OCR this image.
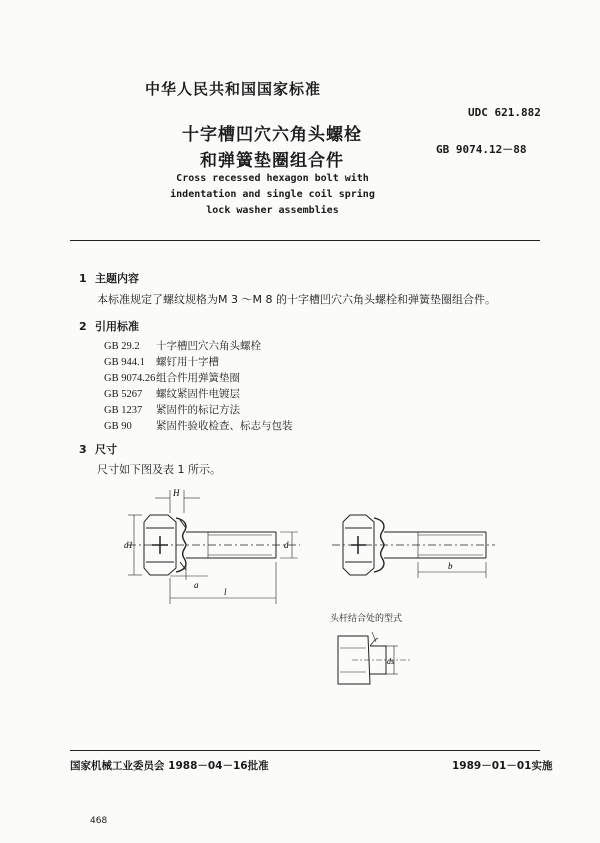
中华人民共和国国家标准
UDC 621.882
GB 9074.12－88
十字槽凹穴六角头螺栓
和弹簧垫圈组合件
Cross recessed hexagon bolt with
indentation and single coil spring
lock washer assemblies
1 主题内容
本标准规定了螺纹规格为M 3 ～M 8 的十字槽凹穴六角头螺栓和弹簧垫圈组合件。
2 引用标准
GB 29.2 十字槽凹穴六角头螺栓
GB 944.1 螺钉用十字槽
GB 9074.26组合件用弹簧垫圈
GB 5267 螺纹紧固件电镀层
GB 1237 紧固件的标记方法
GB 90 紧固件验收检查、标志与包装
3 尺寸
尺寸如下图及表 1 所示。
H
d1	d
a
l
b
ds
头杆结合处的型式
国家机械工业委员会 1988－04－16批准	1989－01－01实施
468
